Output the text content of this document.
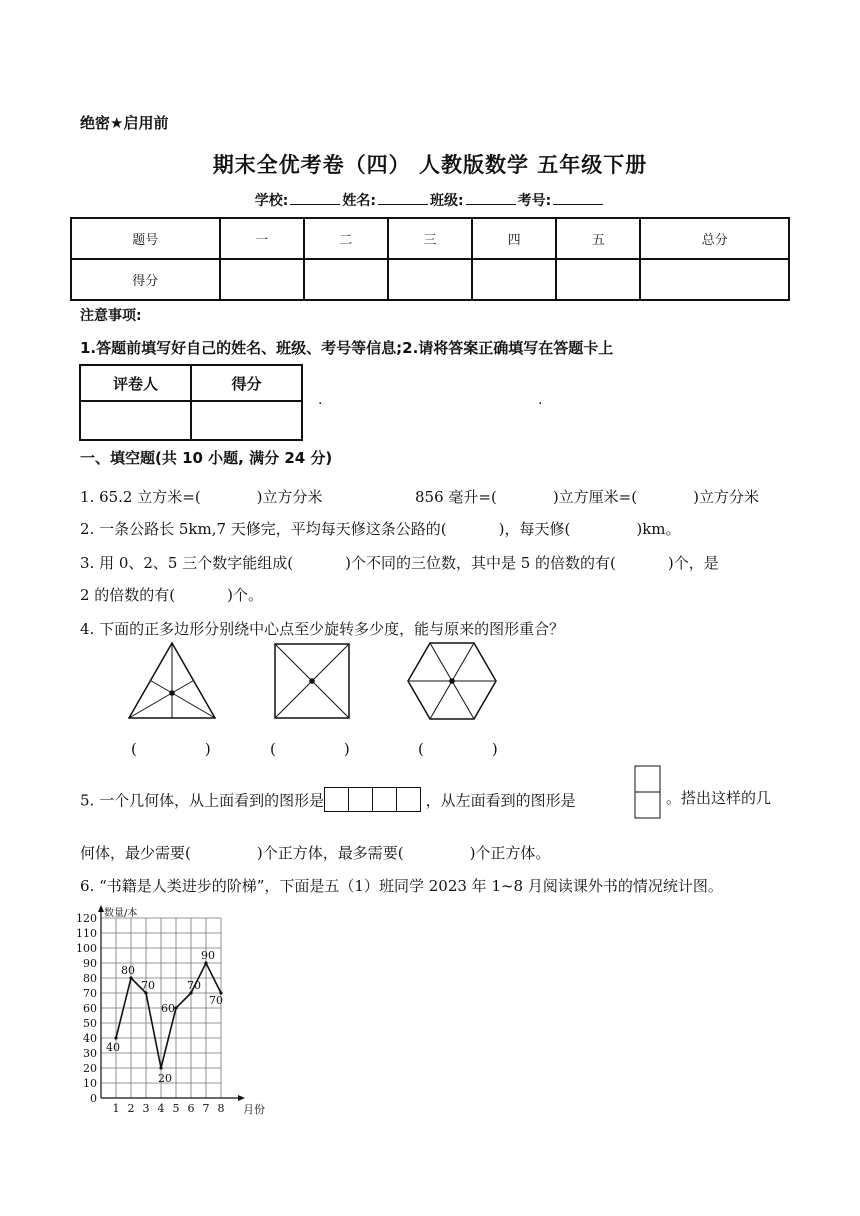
绝密★启用前
期末全优考卷（四） 人教版数学 五年级下册
学校:	姓名:	班级:	考号:
题号	一	二	三	四	五	总分
得分						
注意事项:
1.答题前填写好自己的姓名、班级、考号等信息;2.请将答案正确填写在答题卡上
评卷人	得分

·	·
一、填空题(共 10 小题, 满分 24 分)
1. 65.2 立方米=(	)立方分米	856 毫升=(	)立方厘米=(	)立方分米
2. 一条公路长 5km,7 天修完，平均每天修这条公路的(	)，每天修(	)km。
3. 用 0、2、5 三个数字能组成(	)个不同的三位数，其中是 5 的倍数的有(	)个，是
2 的倍数的有(	)个。
4. 下面的正多边形分别绕中心点至少旋转多少度，能与原来的图形重合？
(	)	(	)	(	)
5. 一个几何体，从上面看到的图形是	，从左面看到的图形是	。搭出这样的几
何体，最少需要(	)个正方体，最多需要(	)个正方体。
6. “书籍是人类进步的阶梯”，下面是五（1）班同学 2023 年 1~8 月阅读课外书的情况统计图。
0
10
20
30
40
50
60
70
80
90
100
110
120
1 2 3 4 5 6 7 8
数量/本
月份
40
80
70
20
60
70
90
70
